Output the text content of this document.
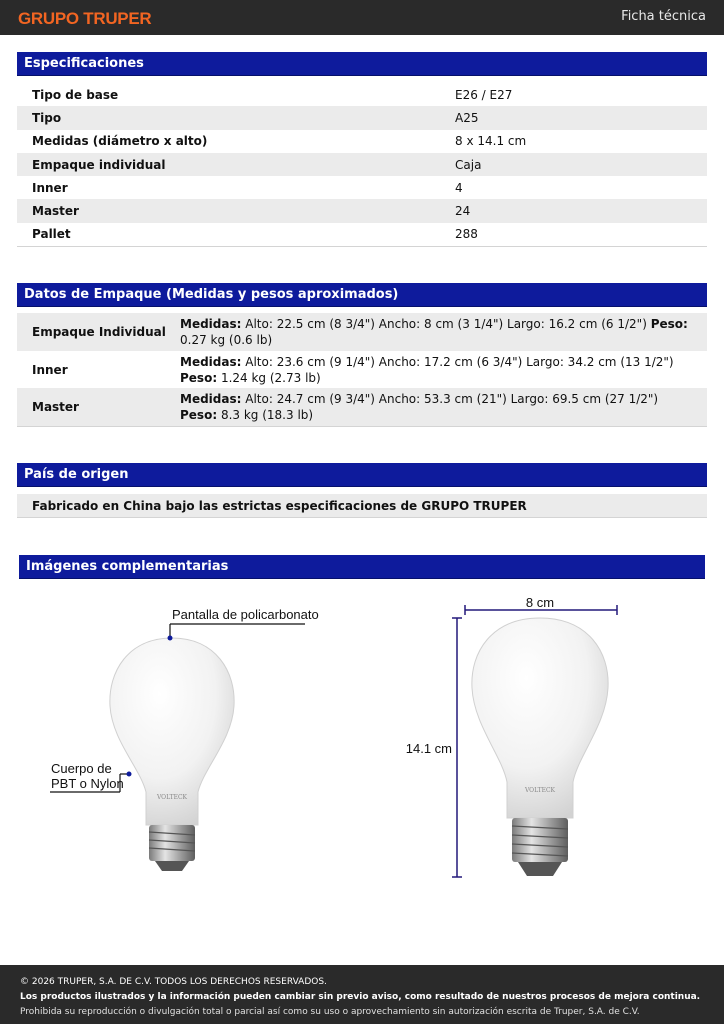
GRUPO TRUPER	Ficha técnica
Especificaciones
Tipo de base	E26 / E27
Tipo	A25
Medidas (diámetro x alto)	8 x 14.1 cm
Empaque individual	Caja
Inner	4
Master	24
Pallet	288
Datos de Empaque (Medidas y pesos aproximados)
Empaque Individual	Medidas: Alto: 22.5 cm (8 3/4") Ancho: 8 cm (3 1/4") Largo: 16.2 cm (6 1/2") Peso: 0.27 kg (0.6 lb)
Inner	Medidas: Alto: 23.6 cm (9 1/4") Ancho: 17.2 cm (6 3/4") Largo: 34.2 cm (13 1/2") Peso: 1.24 kg (2.73 lb)
Master	Medidas: Alto: 24.7 cm (9 3/4") Ancho: 53.3 cm (21") Largo: 69.5 cm (27 1/2") Peso: 8.3 kg (18.3 lb)
País de origen
Fabricado en China bajo las estrictas especificaciones de GRUPO TRUPER
Imágenes complementarias
VOLTECK
Pantalla de policarbonato
Cuerpo de
PBT o Nylon	VOLTECK
8 cm
14.1 cm
© 2026 TRUPER, S.A. DE C.V. TODOS LOS DERECHOS RESERVADOS.
Los productos ilustrados y la información pueden cambiar sin previo aviso, como resultado de nuestros procesos de mejora continua.
Prohibida su reproducción o divulgación total o parcial así como su uso o aprovechamiento sin autorización escrita de Truper, S.A. de C.V.
